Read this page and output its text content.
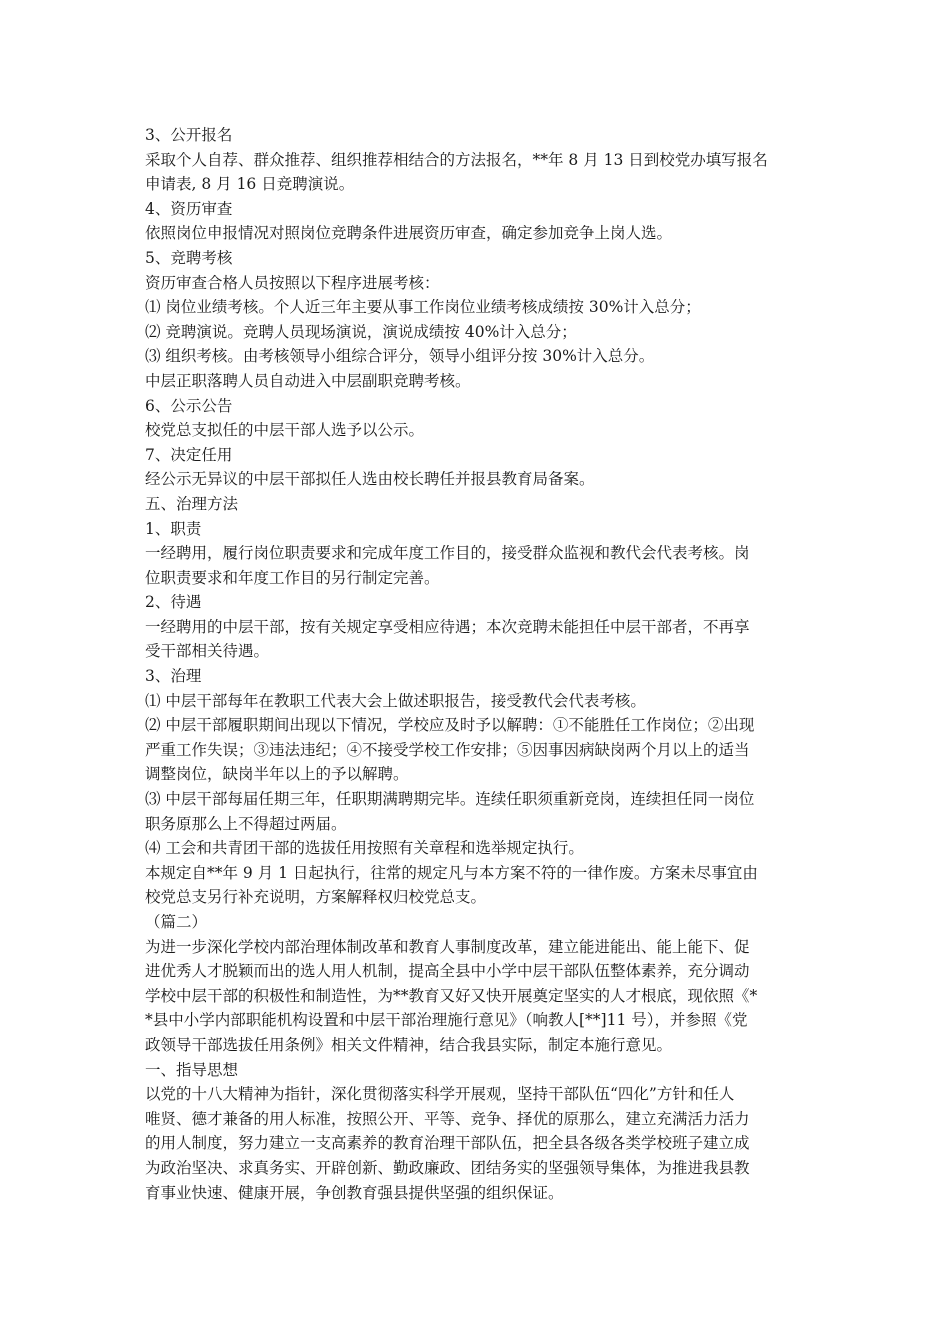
3、公开报名
采取个人自荐、群众推荐、组织推荐相结合的方法报名，**年 8 月 13 日到校党办填写报名
申请表, 8 月 16 日竞聘演说。
4、资历审查
依照岗位申报情况对照岗位竞聘条件进展资历审查，确定参加竞争上岗人选。
5、竞聘考核
资历审查合格人员按照以下程序进展考核：
⑴ 岗位业绩考核。个人近三年主要从事工作岗位业绩考核成绩按 30%计入总分；
⑵ 竞聘演说。竞聘人员现场演说，演说成绩按 40%计入总分；
⑶ 组织考核。由考核领导小组综合评分，领导小组评分按 30%计入总分。
中层正职落聘人员自动进入中层副职竞聘考核。
6、公示公告
校党总支拟任的中层干部人选予以公示。
7、决定任用
经公示无异议的中层干部拟任人选由校长聘任并报县教育局备案。
五、治理方法
1、职责
一经聘用，履行岗位职责要求和完成年度工作目的，接受群众监视和教代会代表考核。岗
位职责要求和年度工作目的另行制定完善。
2、待遇
一经聘用的中层干部，按有关规定享受相应待遇；本次竞聘未能担任中层干部者，不再享
受干部相关待遇。
3、治理
⑴ 中层干部每年在教职工代表大会上做述职报告，接受教代会代表考核。
⑵ 中层干部履职期间出现以下情况，学校应及时予以解聘：①不能胜任工作岗位；②出现
严重工作失误；③违法违纪；④不接受学校工作安排；⑤因事因病缺岗两个月以上的适当
调整岗位，缺岗半年以上的予以解聘。
⑶ 中层干部每届任期三年，任职期满聘期完毕。连续任职须重新竞岗，连续担任同一岗位
职务原那么上不得超过两届。
⑷ 工会和共青团干部的选拔任用按照有关章程和选举规定执行。
本规定自**年 9 月 1 日起执行，往常的规定凡与本方案不符的一律作废。方案未尽事宜由
校党总支另行补充说明，方案解释权归校党总支。
（篇二）
为进一步深化学校内部治理体制改革和教育人事制度改革，建立能进能出、能上能下、促
进优秀人才脱颖而出的选人用人机制，提高全县中小学中层干部队伍整体素养，充分调动
学校中层干部的积极性和制造性，为**教育又好又快开展奠定坚实的人才根底，现依照《*
*县中小学内部职能机构设置和中层干部治理施行意见》（响教人[**]11 号），并参照《党
政领导干部选拔任用条例》相关文件精神，结合我县实际，制定本施行意见。
一、指导思想
以党的十八大精神为指针，深化贯彻落实科学开展观，坚持干部队伍“四化”方针和任人
唯贤、德才兼备的用人标准，按照公开、平等、竞争、择优的原那么，建立充满活力活力
的用人制度，努力建立一支高素养的教育治理干部队伍，把全县各级各类学校班子建立成
为政治坚决、求真务实、开辟创新、勤政廉政、团结务实的坚强领导集体，为推进我县教
育事业快速、健康开展，争创教育强县提供坚强的组织保证。
